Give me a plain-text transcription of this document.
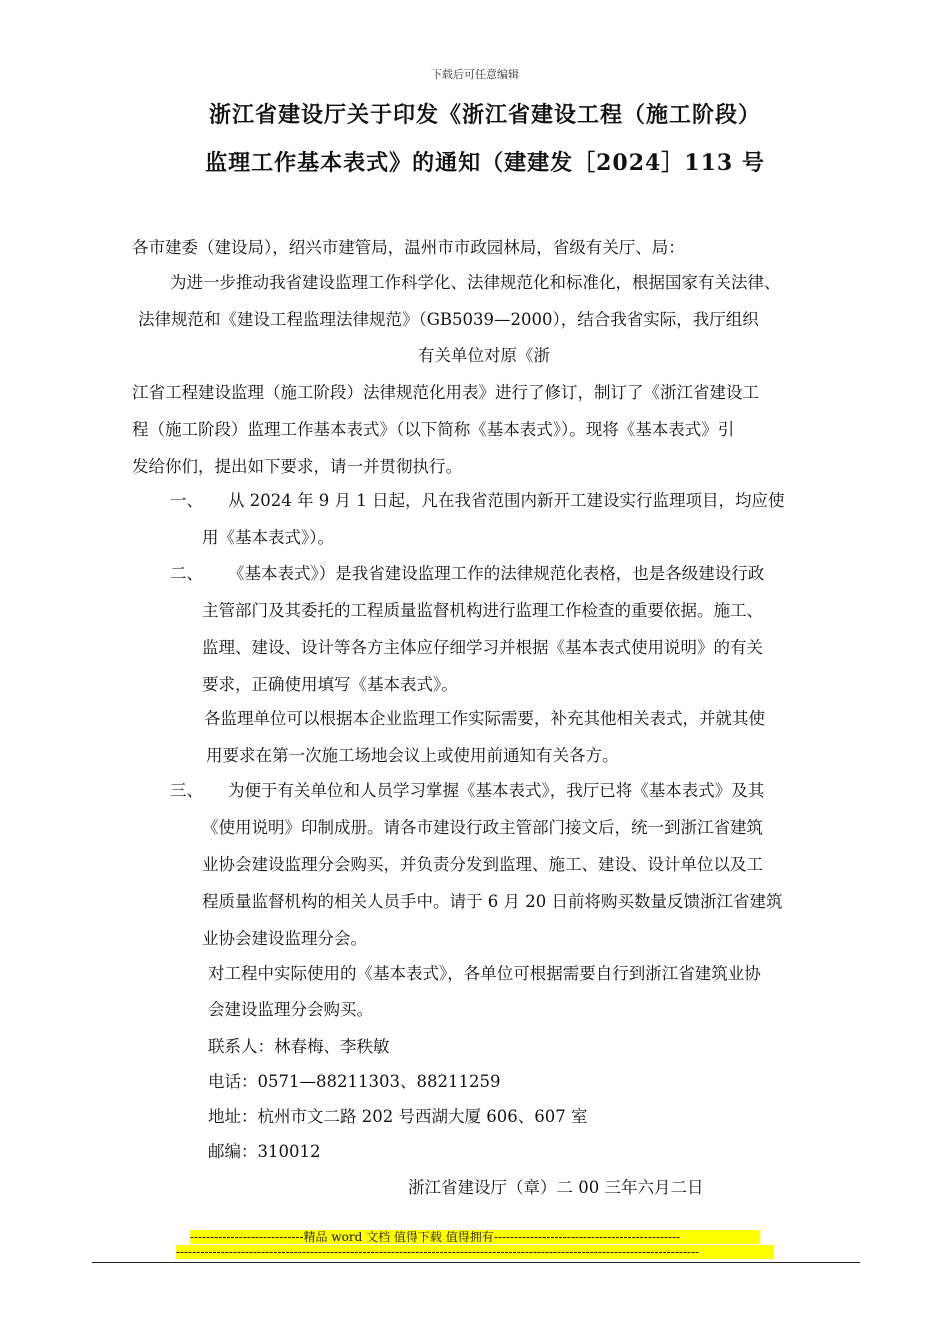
下载后可任意编辑
浙江省建设厅关于印发《浙江省建设工程（施工阶段）
监理工作基本表式》的通知（建建发［2024］113 号
各市建委（建设局），绍兴市建管局，温州市市政园林局，省级有关厅、局：
为进一步推动我省建设监理工作科学化、法律规范化和标准化，根据国家有关法律、
法律规范和《建设工程监理法律规范》（GB5039—2000），结合我省实际，我厅组织
有关单位对原《浙
江省工程建设监理（施工阶段）法律规范化用表》进行了修订，制订了《浙江省建设工
程（施工阶段）监理工作基本表式》（以下简称《基本表式》）。现将《基本表式》引
发给你们，提出如下要求，请一并贯彻执行。
一、 从 2024 年 9 月 1 日起，凡在我省范围内新开工建设实行监理项目，均应使
用《基本表式》）。
二、 《基本表式》）是我省建设监理工作的法律规范化表格，也是各级建设行政
主管部门及其委托的工程质量监督机构进行监理工作检查的重要依据。施工、
监理、建设、设计等各方主体应仔细学习并根据《基本表式使用说明》的有关
要求，正确使用填写《基本表式》。
各监理单位可以根据本企业监理工作实际需要，补充其他相关表式，并就其使
用要求在第一次施工场地会议上或使用前通知有关各方。
三、 为便于有关单位和人员学习掌握《基本表式》，我厅已将《基本表式》及其
《使用说明》印制成册。请各市建设行政主管部门接文后，统一到浙江省建筑
业协会建设监理分会购买，并负责分发到监理、施工、建设、设计单位以及工
程质量监督机构的相关人员手中。请于 6 月 20 日前将购买数量反馈浙江省建筑
业协会建设监理分会。
对工程中实际使用的《基本表式》，各单位可根据需要自行到浙江省建筑业协
会建设监理分会购买。
联系人：林春梅、李秩敏
电话：0571—88211303、88211259
地址：杭州市文二路 202 号西湖大厦 606、607 室
邮编：310012
浙江省建设厅（章）二 00 三年六月二日
----------------------------精品 word 文档 值得下载 值得拥有----------------------------------------------
---------------------------------------------------------------------------------------------------------------------------------
